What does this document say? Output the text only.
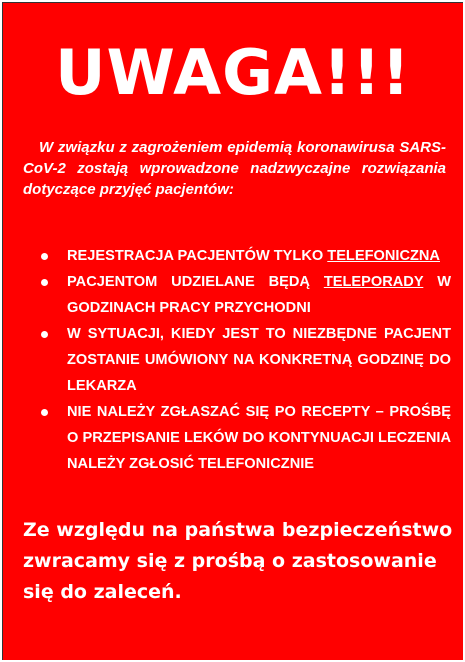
UWAGA!!!
W związku z zagrożeniem epidemią koronawirusa SARS-CoV-2 zostają wprowadzone nadzwyczajne rozwiązania dotyczące przyjęć pacjentów:
REJESTRACJA PACJENTÓW TYLKO TELEFONICZNA
PACJENTOM UDZIELANE BĘDĄ TELEPORADY W GODZINACH PRACY PRZYCHODNI
W SYTUACJI, KIEDY JEST TO NIEZBĘDNE PACJENT ZOSTANIE UMÓWIONY NA KONKRETNĄ GODZINĘ DO LEKARZA
NIE NALEŻY ZGŁASZAĆ SIĘ PO RECEPTY – PROŚBĘ O PRZEPISANIE LEKÓW DO KONTYNUACJI LECZENIA NALEŻY ZGŁOSIĆ TELEFONICZNIE
Ze względu na państwa bezpieczeństwo zwracamy się z prośbą o zastosowanie się do zaleceń.
